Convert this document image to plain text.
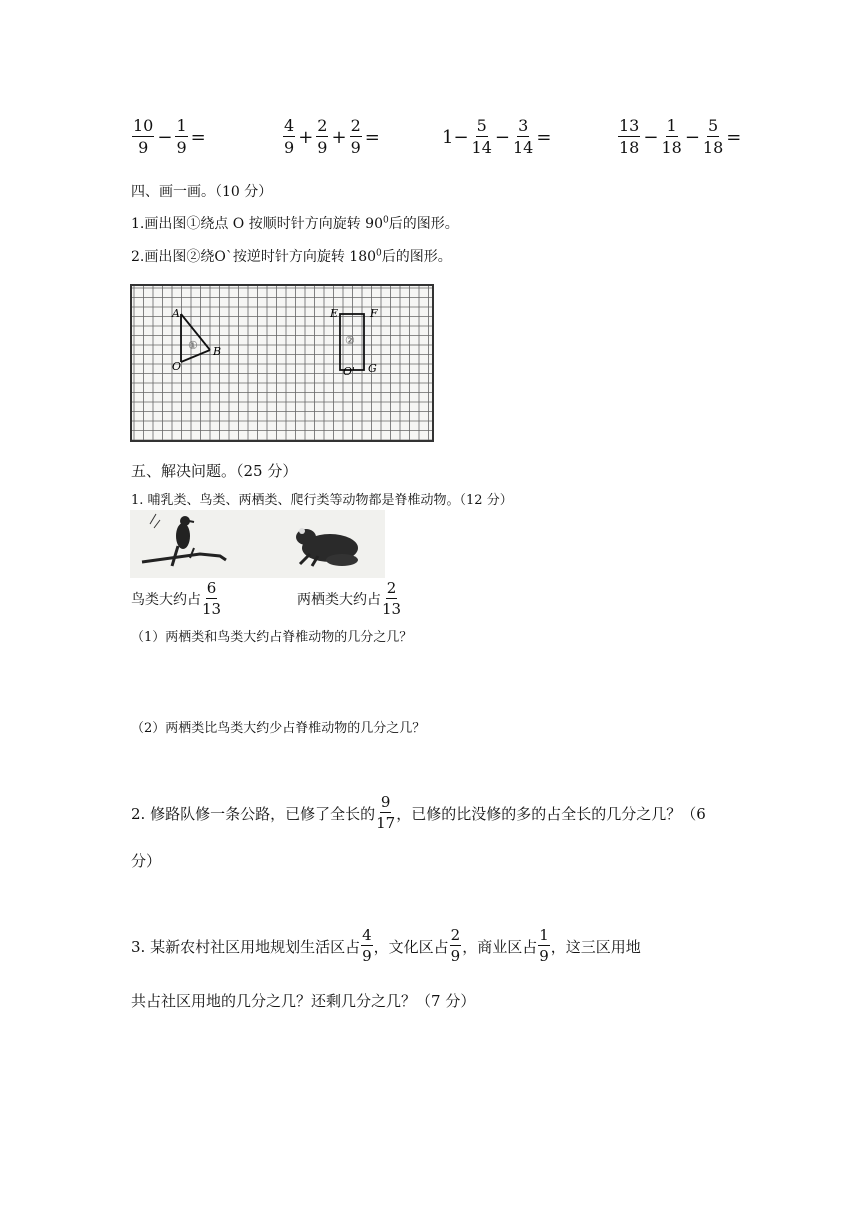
$\frac{10}{9} - \frac{1}{9}$ =	$\frac{4}{9} + \frac{2}{9} + \frac{2}{9}$ =	$1- \frac{5}{14} - \frac{3}{14}$ =	$\frac{13}{18} - \frac{1}{18} - \frac{5}{18}$ =
四、画一画。（10 分）
1.画出图①绕点 O 按顺时针方向旋转 $90^0$后的图形。
2.画出图②绕O`按逆时针方向旋转 $180^0$后的图形。
A
B
O
①
E	F
G
O'
②
五、解决问题。（25 分）
1. 哺乳类、鸟类、两栖类、爬行类等动物都是脊椎动物。（12 分）
鸟类大约占 $\frac{6}{13}$	两栖类大约占 $\frac{2}{13}$
（1）两栖类和鸟类大约占脊椎动物的几分之几？
（2）两栖类比鸟类大约少占脊椎动物的几分之几？
2. 修路队修一条公路，已修了全长的 $\frac{9}{17}$ ，已修的比没修的多的占全长的几分之几？（6
分）
3. 某新农村社区用地规划生活区占 $\frac{4}{9}$ ，文化区占 $\frac{2}{9}$ ，商业区占 $\frac{1}{9}$ ，这三区用地
共占社区用地的几分之几？还剩几分之几？（7 分）
